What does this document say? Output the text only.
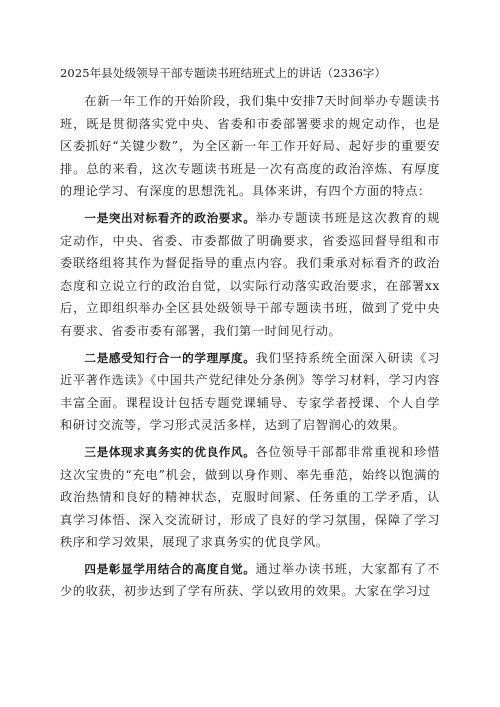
2025年县处级领导干部专题读书班结班式上的讲话（2336字）

在新一年工作的开始阶段，我们集中安排7天时间举办专题读书班，既是贯彻落实党中央、省委和市委部署要求的规定动作，也是区委抓好“关键少数”，为全区新一年工作开好局、起好步的重要安排。总的来看，这次专题读书班是一次有高度的政治淬炼、有厚度的理论学习、有深度的思想洗礼。具体来讲，有四个方面的特点：

一是突出对标看齐的政治要求。举办专题读书班是这次教育的规定动作，中央、省委、市委都做了明确要求，省委巡回督导组和市委联络组将其作为督促指导的重点内容。我们秉承对标看齐的政治态度和立说立行的政治自觉，以实际行动落实政治要求，在部署xx后，立即组织举办全区县处级领导干部专题读书班，做到了党中央有要求、省委市委有部署，我们第一时间见行动。

二是感受知行合一的学理厚度。我们坚持系统全面深入研读《习近平著作选读》《中国共产党纪律处分条例》等学习材料，学习内容丰富全面。课程设计包括专题党课辅导、专家学者授课、个人自学和研讨交流等，学习形式灵活多样，达到了启智润心的效果。

三是体现求真务实的优良作风。各位领导干部都非常重视和珍惜这次宝贵的“充电”机会，做到以身作则、率先垂范，始终以饱满的政治热情和良好的精神状态，克服时间紧、任务重的工学矛盾，认真学习体悟、深入交流研讨，形成了良好的学习氛围，保障了学习秩序和学习效果，展现了求真务实的优良学风。

四是彰显学用结合的高度自觉。通过举办读书班，大家都有了不少的收获，初步达到了学有所获、学以致用的效果。大家在学习过
